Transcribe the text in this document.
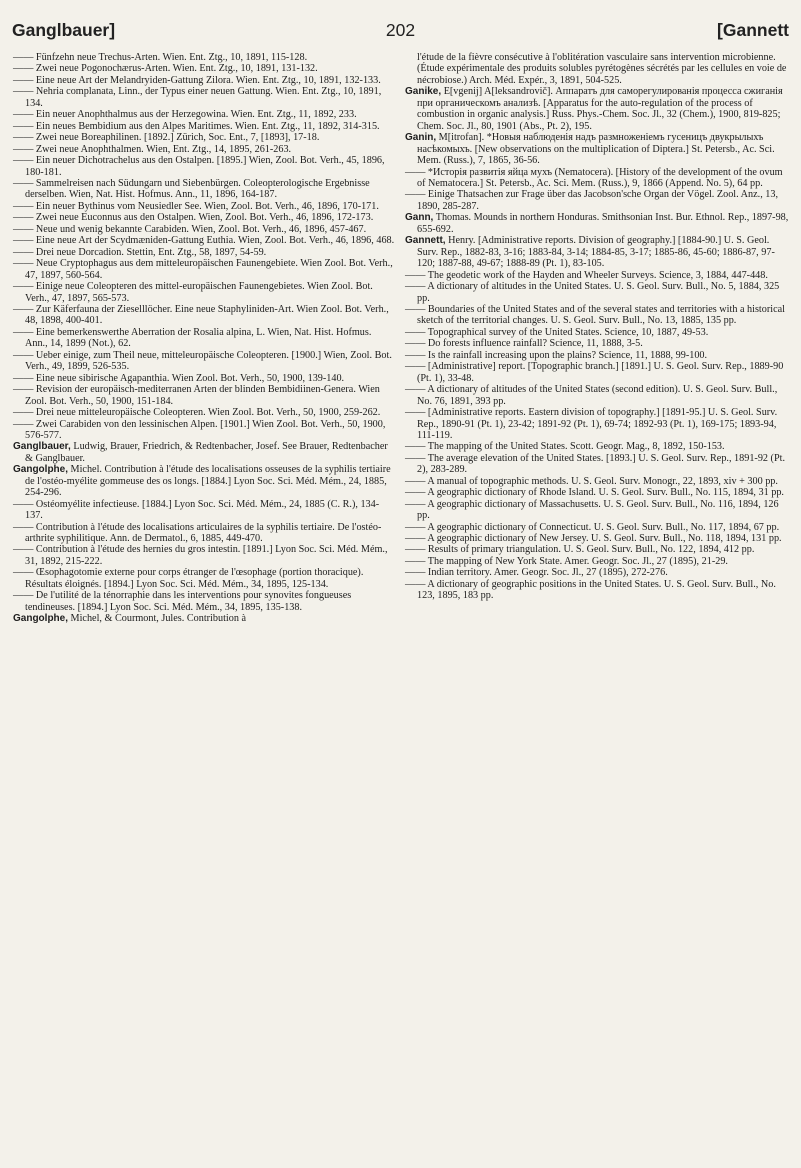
Ganglbauer]	202	[Gannett

—— Fünfzehn neue Trechus-Arten. Wien. Ent. Ztg., 10, 1891, 115-128.

—— Zwei neue Pogonochærus-Arten. Wien. Ent. Ztg., 10, 1891, 131-132.

—— Eine neue Art der Melandryiden-Gattung Zilora. Wien. Ent. Ztg., 10, 1891, 132-133.

—— Nehria complanata, Linn., der Typus einer neuen Gattung. Wien. Ent. Ztg., 10, 1891, 134.

—— Ein neuer Anophthalmus aus der Herzegowina. Wien. Ent. Ztg., 11, 1892, 233.

—— Ein neues Bembidium aus den Alpes Maritimes. Wien. Ent. Ztg., 11, 1892, 314-315.

—— Zwei neue Boreaphilinen. [1892.] Zürich, Soc. Ent., 7, [1893], 17-18.

—— Zwei neue Anophthalmen. Wien, Ent. Ztg., 14, 1895, 261-263.

—— Ein neuer Dichotrachelus aus den Ostalpen. [1895.] Wien, Zool. Bot. Verh., 45, 1896, 180-181.

—— Sammelreisen nach Südungarn und Siebenbürgen. Coleopterologische Ergebnisse derselben. Wien, Nat. Hist. Hofmus. Ann., 11, 1896, 164-187.

—— Ein neuer Bythinus vom Neusiedler See. Wien, Zool. Bot. Verh., 46, 1896, 170-171.

—— Zwei neue Euconnus aus den Ostalpen. Wien, Zool. Bot. Verh., 46, 1896, 172-173.

—— Neue und wenig bekannte Carabiden. Wien, Zool. Bot. Verh., 46, 1896, 457-467.

—— Eine neue Art der Scydmæniden-Gattung Euthia. Wien, Zool. Bot. Verh., 46, 1896, 468.

—— Drei neue Dorcadion. Stettin, Ent. Ztg., 58, 1897, 54-59.

—— Neue Cryptophagus aus dem mitteleuropäischen Faunengebiete. Wien Zool. Bot. Verh., 47, 1897, 560-564.

—— Einige neue Coleopteren des mittel-europäischen Faunengebietes. Wien Zool. Bot. Verh., 47, 1897, 565-573.

—— Zur Käferfauna der Zieselllöcher. Eine neue Staphyliniden-Art. Wien Zool. Bot. Verh., 48, 1898, 400-401.

—— Eine bemerkenswerthe Aberration der Rosalia alpina, L. Wien, Nat. Hist. Hofmus. Ann., 14, 1899 (Not.), 62.

—— Ueber einige, zum Theil neue, mitteleuropäische Coleopteren. [1900.] Wien, Zool. Bot. Verh., 49, 1899, 526-535.

—— Eine neue sibirische Agapanthia. Wien Zool. Bot. Verh., 50, 1900, 139-140.

—— Revision der europäisch-mediterranen Arten der blinden Bembidiinen-Genera. Wien Zool. Bot. Verh., 50, 1900, 151-184.

—— Drei neue mitteleuropäische Coleopteren. Wien Zool. Bot. Verh., 50, 1900, 259-262.

—— Zwei Carabiden von den lessinischen Alpen. [1901.] Wien Zool. Bot. Verh., 50, 1900, 576-577.

Ganglbauer, Ludwig, Brauer, Friedrich, & Redtenbacher, Josef. See Brauer, Redtenbacher & Ganglbauer.

Gangolphe, Michel. Contribution à l'étude des localisations osseuses de la syphilis tertiaire de l'ostéo-myélite gommeuse des os longs. [1884.] Lyon Soc. Sci. Méd. Mém., 24, 1885, 254-296.

—— Ostéomyélite infectieuse. [1884.] Lyon Soc. Sci. Méd. Mém., 24, 1885 (C. R.), 134-137.

—— Contribution à l'étude des localisations articulaires de la syphilis tertiaire. De l'ostéo-arthrite syphilitique. Ann. de Dermatol., 6, 1885, 449-470.

—— Contribution à l'étude des hernies du gros intestin. [1891.] Lyon Soc. Sci. Méd. Mém., 31, 1892, 215-222.

—— Œsophagotomie externe pour corps étranger de l'œsophage (portion thoracique). Résultats éloignés. [1894.] Lyon Soc. Sci. Méd. Mém., 34, 1895, 125-134.

—— De l'utilité de la ténorraphie dans les interventions pour synovites fongueuses tendineuses. [1894.] Lyon Soc. Sci. Méd. Mém., 34, 1895, 135-138.

Gangolphe, Michel, & Courmont, Jules. Contribution à

l'étude de la fièvre consécutive à l'oblitération vasculaire sans intervention microbienne. (Étude expérimentale des produits solubles pyrétogènes sécrétés par les cellules en voie de nécrobiose.) Arch. Méd. Expér., 3, 1891, 504-525.

Ganike, E[vgenij] A[leksandrovič]. Аппаратъ для самoрегулированія процесса сжиганія при органическомъ анализѣ. [Apparatus for the auto-regulation of the process of combustion in organic analysis.] Russ. Phys.-Chem. Soc. Jl., 32 (Chem.), 1900, 819-825; Chem. Soc. Jl., 80, 1901 (Abs., Pt. 2), 195.

Ganin, M[itrofan]. *Новыя наблюденія надъ размноженіемъ гусеницъ двукрылыхъ насѣкомыхъ. [New observations on the multiplication of Diptera.] St. Petersb., Ac. Sci. Mem. (Russ.), 7, 1865, 36-56.

—— *Исторія развитія яйца мухъ (Nematocera). [History of the development of the ovum of Nematocera.] St. Petersb., Ac. Sci. Mem. (Russ.), 9, 1866 (Append. No. 5), 64 pp.

—— Einige Thatsachen zur Frage über das Jacobson'sche Organ der Vögel. Zool. Anz., 13, 1890, 285-287.

Gann, Thomas. Mounds in northern Honduras. Smithsonian Inst. Bur. Ethnol. Rep., 1897-98, 655-692.

Gannett, Henry. [Administrative reports. Division of geography.] [1884-90.] U. S. Geol. Surv. Rep., 1882-83, 3-16; 1883-84, 3-14; 1884-85, 3-17; 1885-86, 45-60; 1886-87, 97-120; 1887-88, 49-67; 1888-89 (Pt. 1), 83-105.

—— The geodetic work of the Hayden and Wheeler Surveys. Science, 3, 1884, 447-448.

—— A dictionary of altitudes in the United States. U. S. Geol. Surv. Bull., No. 5, 1884, 325 pp.

—— Boundaries of the United States and of the several states and territories with a historical sketch of the territorial changes. U. S. Geol. Surv. Bull., No. 13, 1885, 135 pp.

—— Topographical survey of the United States. Science, 10, 1887, 49-53.

—— Do forests influence rainfall? Science, 11, 1888, 3-5.

—— Is the rainfall increasing upon the plains? Science, 11, 1888, 99-100.

—— [Administrative] report. [Topographic branch.] [1891.] U. S. Geol. Surv. Rep., 1889-90 (Pt. 1), 33-48.

—— A dictionary of altitudes of the United States (second edition). U. S. Geol. Surv. Bull., No. 76, 1891, 393 pp.

—— [Administrative reports. Eastern division of topography.] [1891-95.] U. S. Geol. Surv. Rep., 1890-91 (Pt. 1), 23-42; 1891-92 (Pt. 1), 69-74; 1892-93 (Pt. 1), 169-175; 1893-94, 111-119.

—— The mapping of the United States. Scott. Geogr. Mag., 8, 1892, 150-153.

—— The average elevation of the United States. [1893.] U. S. Geol. Surv. Rep., 1891-92 (Pt. 2), 283-289.

—— A manual of topographic methods. U. S. Geol. Surv. Monogr., 22, 1893, xiv + 300 pp.

—— A geographic dictionary of Rhode Island. U. S. Geol. Surv. Bull., No. 115, 1894, 31 pp.

—— A geographic dictionary of Massachusetts. U. S. Geol. Surv. Bull., No. 116, 1894, 126 pp.

—— A geographic dictionary of Connecticut. U. S. Geol. Surv. Bull., No. 117, 1894, 67 pp.

—— A geographic dictionary of New Jersey. U. S. Geol. Surv. Bull., No. 118, 1894, 131 pp.

—— Results of primary triangulation. U. S. Geol. Surv. Bull., No. 122, 1894, 412 pp.

—— The mapping of New York State. Amer. Geogr. Soc. Jl., 27 (1895), 21-29.

—— Indian territory. Amer. Geogr. Soc. Jl., 27 (1895), 272-276.

—— A dictionary of geographic positions in the United States. U. S. Geol. Surv. Bull., No. 123, 1895, 183 pp.
